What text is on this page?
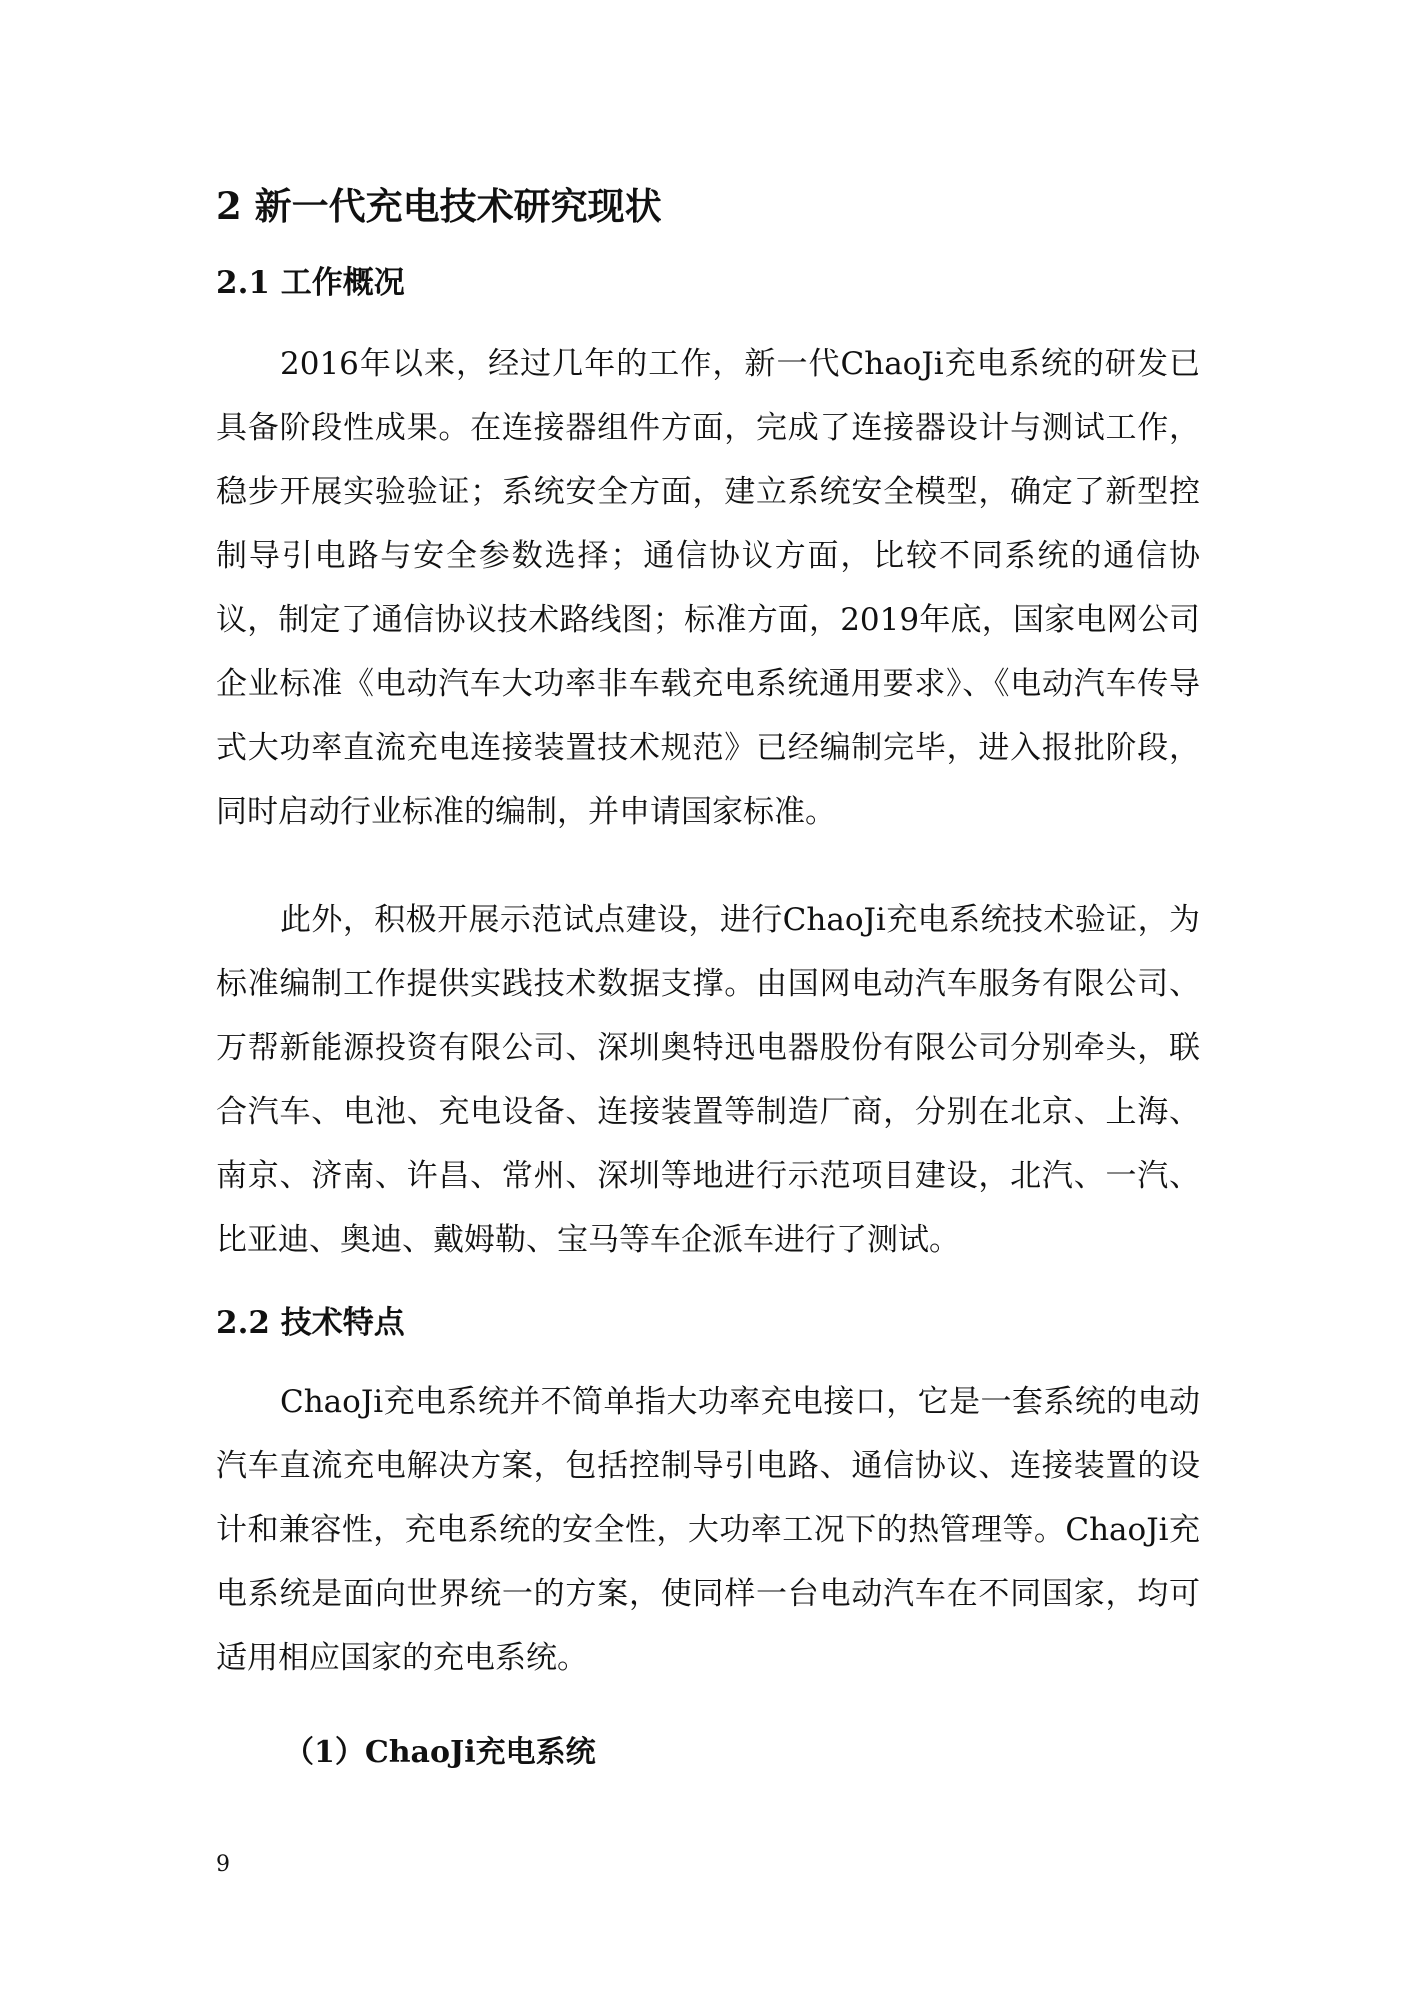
2 新一代充电技术研究现状
2.1 工作概况

2016年以来，经过几年的工作，新一代ChaoJi充电系统的研发已具备阶段性成果。在连接器组件方面，完成了连接器设计与测试工作，稳步开展实验验证；系统安全方面，建立系统安全模型，确定了新型控制导引电路与安全参数选择；通信协议方面，比较不同系统的通信协议，制定了通信协议技术路线图；标准方面，2019年底，国家电网公司企业标准《电动汽车大功率非车载充电系统通用要求》、《电动汽车传导式大功率直流充电连接装置技术规范》已经编制完毕，进入报批阶段，同时启动行业标准的编制，并申请国家标准。

此外，积极开展示范试点建设，进行ChaoJi充电系统技术验证，为标准编制工作提供实践技术数据支撑。由国网电动汽车服务有限公司、万帮新能源投资有限公司、深圳奥特迅电器股份有限公司分别牵头，联合汽车、电池、充电设备、连接装置等制造厂商，分别在北京、上海、南京、济南、许昌、常州、深圳等地进行示范项目建设，北汽、一汽、比亚迪、奥迪、戴姆勒、宝马等车企派车进行了测试。

2.2 技术特点

ChaoJi充电系统并不简单指大功率充电接口，它是一套系统的电动汽车直流充电解决方案，包括控制导引电路、通信协议、连接装置的设计和兼容性，充电系统的安全性，大功率工况下的热管理等。ChaoJi充电系统是面向世界统一的方案，使同样一台电动汽车在不同国家，均可适用相应国家的充电系统。

（1）ChaoJi充电系统
9
